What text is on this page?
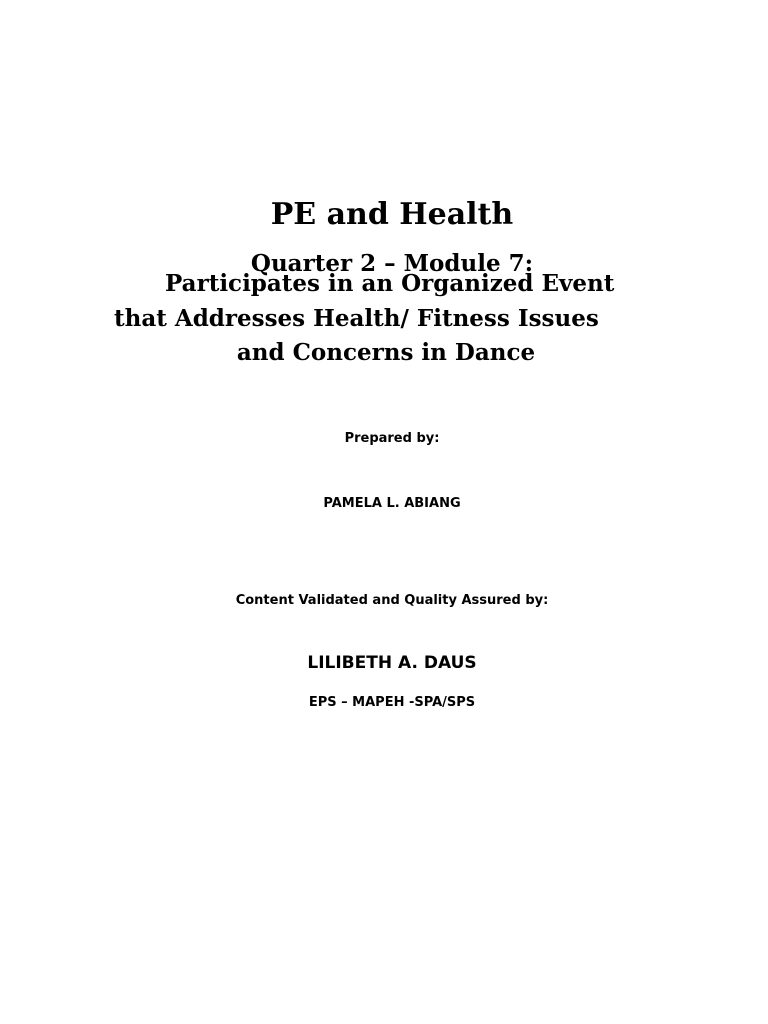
PE and Health
Quarter 2 – Module 7:
Participates in an Organized Event
that Addresses Health/ Fitness Issues
and Concerns in Dance
Prepared by:
PAMELA L. ABIANG
Content Validated and Quality Assured by:
LILIBETH A. DAUS
EPS – MAPEH -SPA/SPS
